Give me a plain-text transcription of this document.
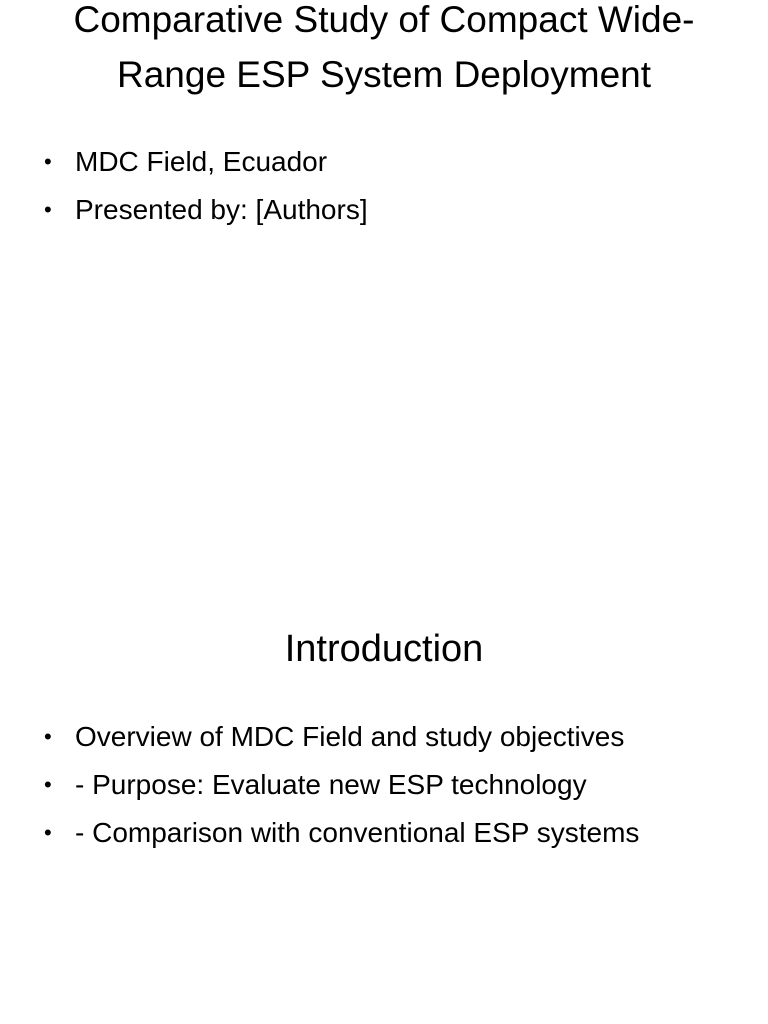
Comparative Study of Compact Wide-Range ESP System Deployment
• MDC Field, Ecuador
• Presented by: [Authors]
Introduction
• Overview of MDC Field and study objectives
• - Purpose: Evaluate new ESP technology
• - Comparison with conventional ESP systems
